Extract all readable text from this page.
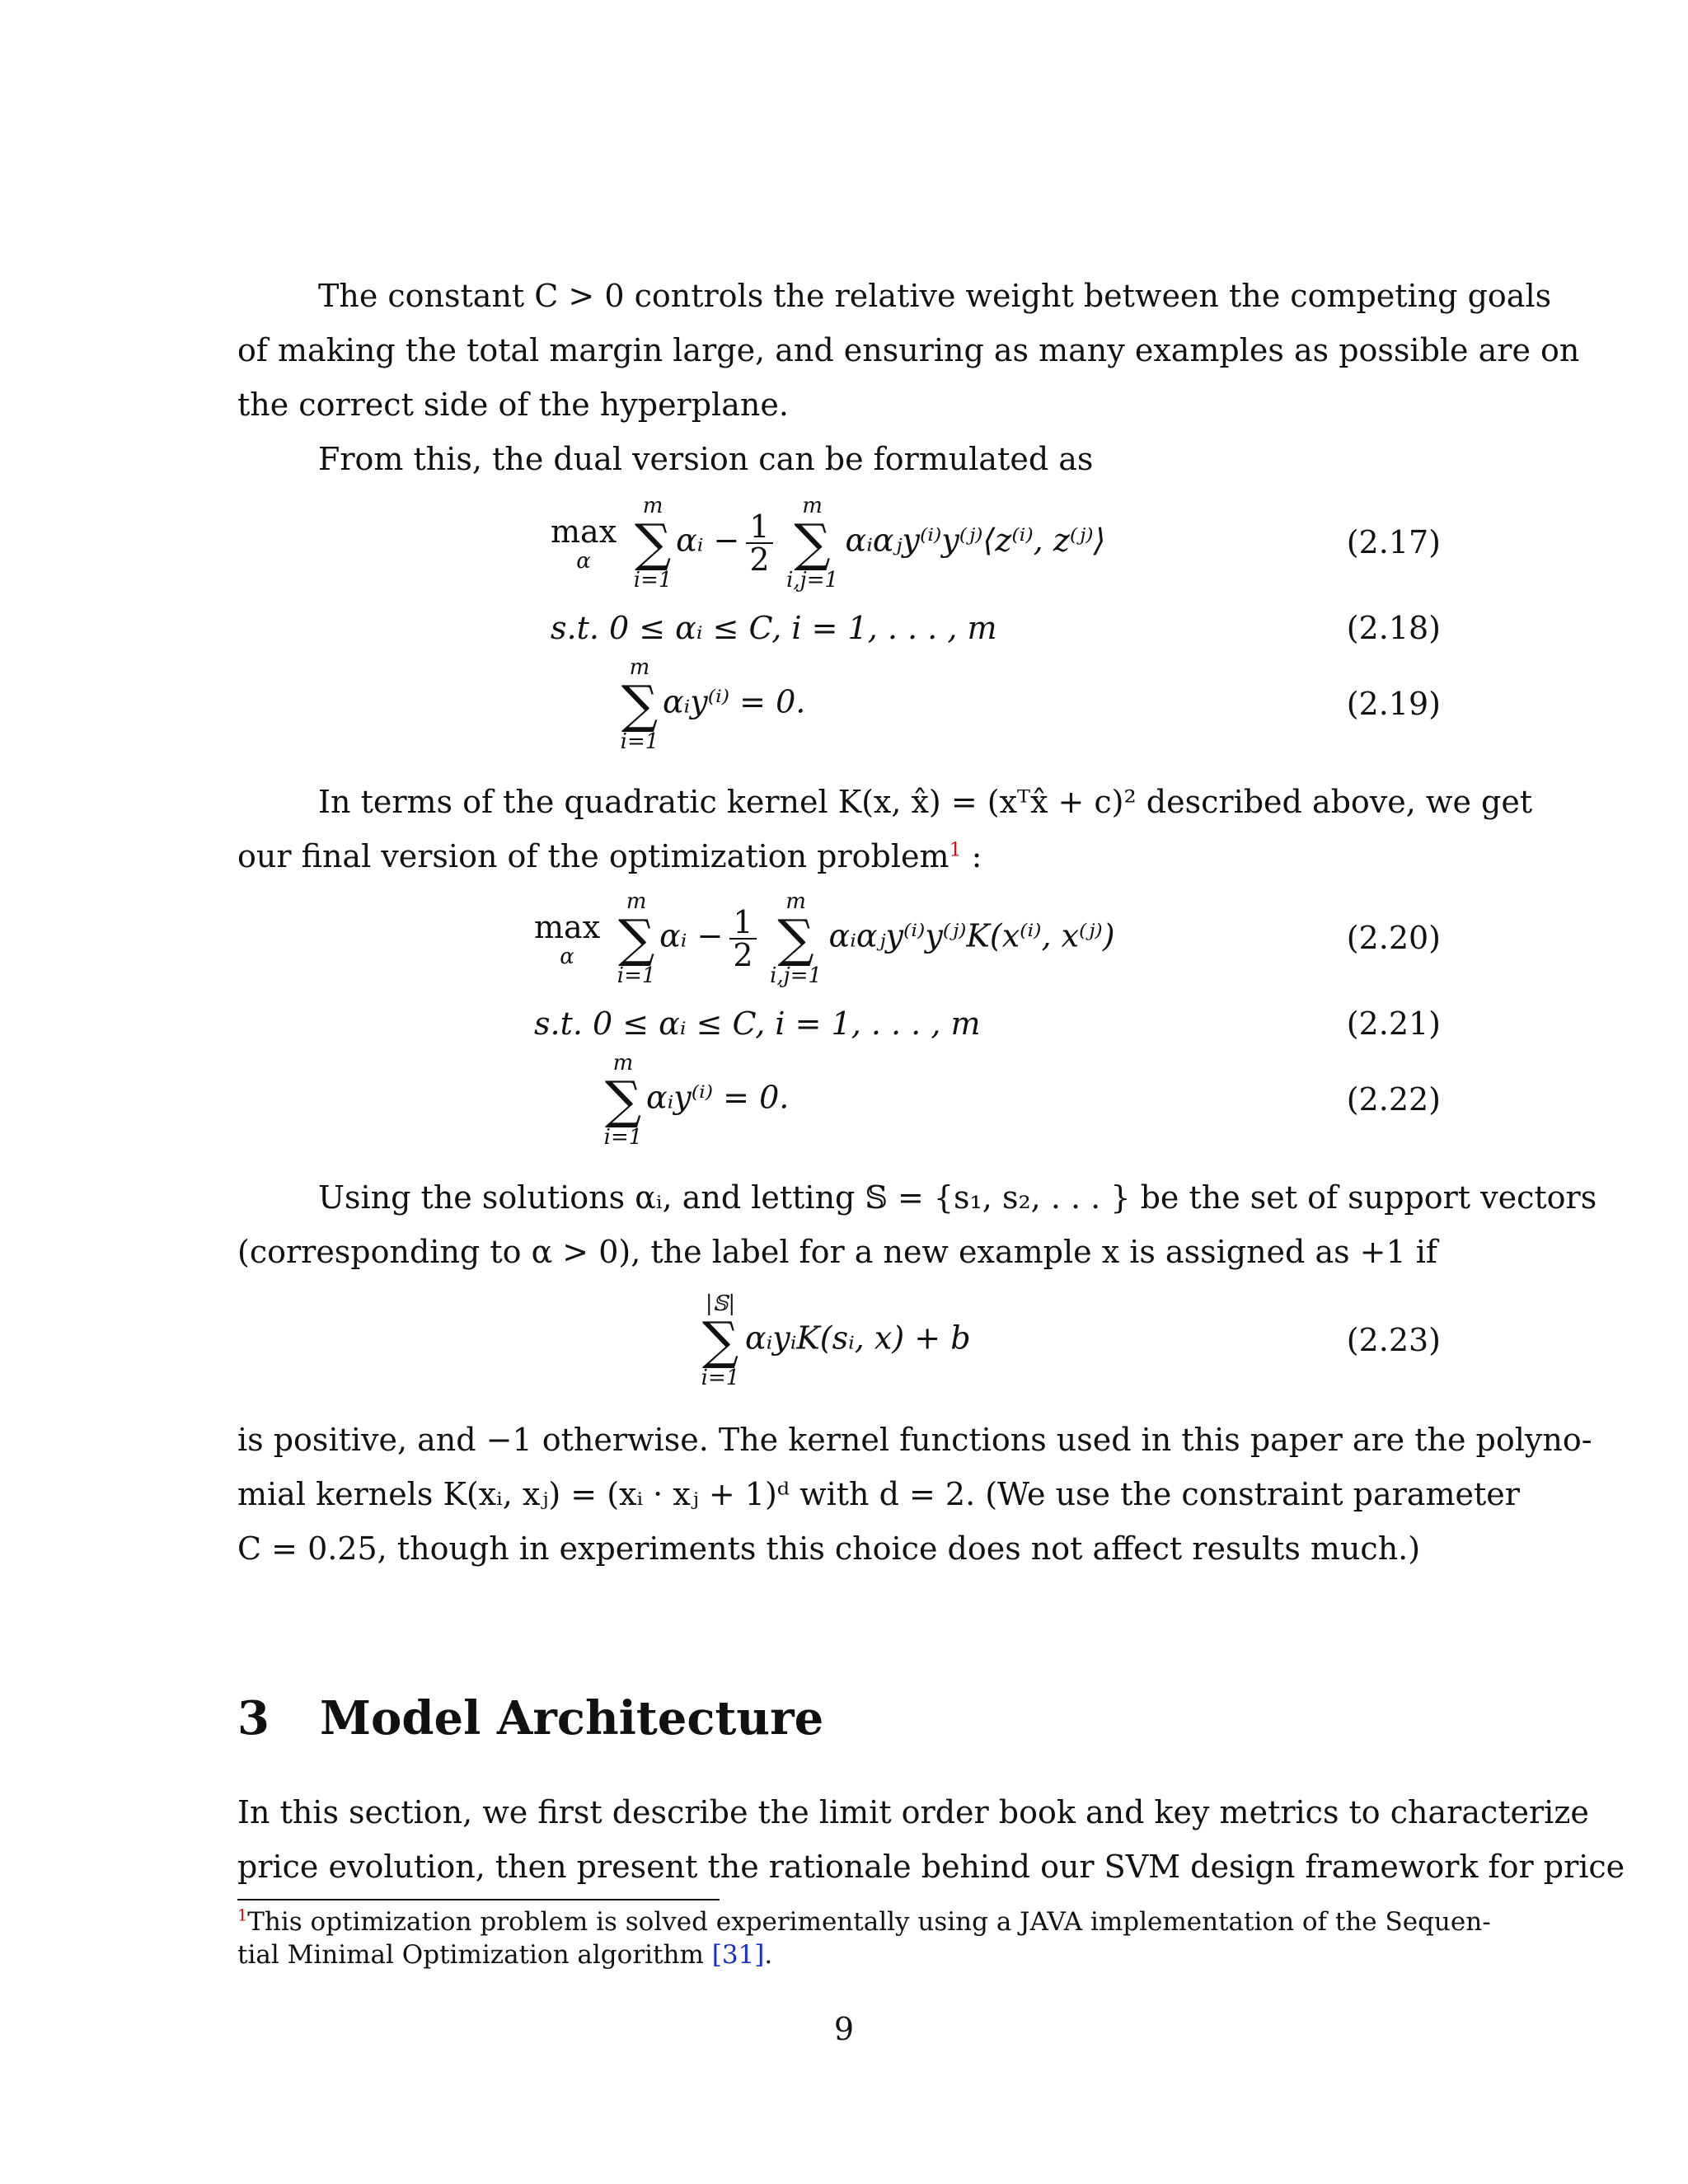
The constant C > 0 controls the relative weight between the competing goals
of making the total margin large, and ensuring as many examples as possible are on
the correct side of the hyperplane.
From this, the dual version can be formulated as
max
α
m
∑
i=1
αᵢ − $\frac{1}{2}$
m
∑
i,j=1
αᵢαⱼy⁽ⁱ⁾y⁽ʲ⁾⟨z⁽ⁱ⁾, z⁽ʲ⁾⟩	(2.17)
s.t. 0 ≤ αᵢ ≤ C, i = 1, . . . , m	(2.18)
m
∑
i=1
αᵢy⁽ⁱ⁾ = 0.	(2.19)
In terms of the quadratic kernel K(x, x̂) = (xᵀx̂ + c)² described above, we get
our final version of the optimization problem$^1$ :
max
α
m
∑
i=1
αᵢ − $\frac{1}{2}$
m
∑
i,j=1
αᵢαⱼy⁽ⁱ⁾y⁽ʲ⁾K(x⁽ⁱ⁾, x⁽ʲ⁾)	(2.20)
s.t. 0 ≤ αᵢ ≤ C, i = 1, . . . , m	(2.21)
m
∑
i=1
αᵢy⁽ⁱ⁾ = 0.	(2.22)
Using the solutions αᵢ, and letting 𝕊 = {s₁, s₂, . . . } be the set of support vectors
(corresponding to α > 0), the label for a new example x is assigned as +1 if
|𝕊|
∑
i=1
αᵢyᵢK(sᵢ, x) + b	(2.23)
is positive, and −1 otherwise. The kernel functions used in this paper are the polyno-
mial kernels K(xᵢ, xⱼ) = (xᵢ · xⱼ + 1)ᵈ with d = 2. (We use the constraint parameter
C = 0.25, though in experiments this choice does not affect results much.)
3 Model Architecture
In this section, we first describe the limit order book and key metrics to characterize
price evolution, then present the rationale behind our SVM design framework for price
$^1$This optimization problem is solved experimentally using a JAVA implementation of the Sequen-
tial Minimal Optimization algorithm [31].
9
